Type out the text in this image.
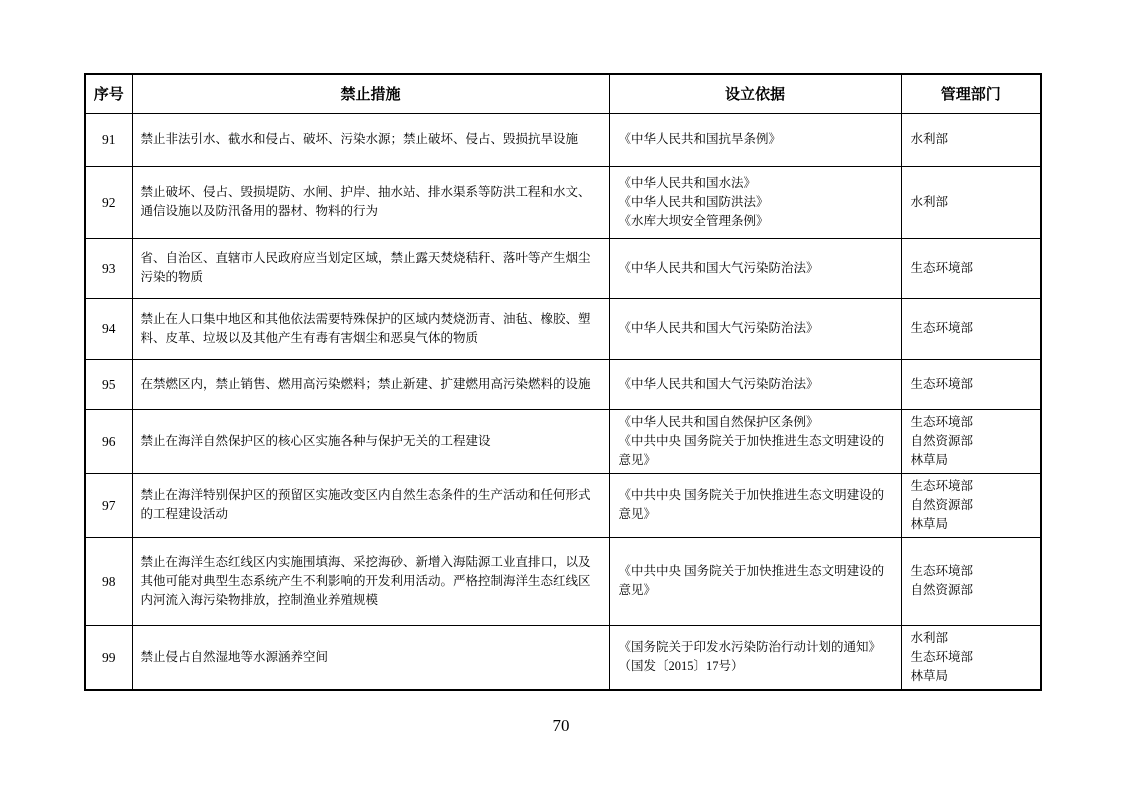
序号	禁止措施	设立依据	管理部门
91	禁止非法引水、截水和侵占、破坏、污染水源；禁止破坏、侵占、毁损抗旱设施	《中华人民共和国抗旱条例》	水利部

92	禁止破坏、侵占、毁损堤防、水闸、护岸、抽水站、排水渠系等防洪工程和水文、通信设施以及防汛备用的器材、物料的行为	《中华人民共和国水法》
《中华人民共和国防洪法》
《水库大坝安全管理条例》	水利部

93	省、自治区、直辖市人民政府应当划定区域，禁止露天焚烧秸秆、落叶等产生烟尘污染的物质	《中华人民共和国大气污染防治法》	生态环境部

94	禁止在人口集中地区和其他依法需要特殊保护的区域内焚烧沥青、油毡、橡胶、塑料、皮革、垃圾以及其他产生有毒有害烟尘和恶臭气体的物质	《中华人民共和国大气污染防治法》	生态环境部

95	在禁燃区内，禁止销售、燃用高污染燃料；禁止新建、扩建燃用高污染燃料的设施	《中华人民共和国大气污染防治法》	生态环境部

96	禁止在海洋自然保护区的核心区实施各种与保护无关的工程建设	《中华人民共和国自然保护区条例》
《中共中央 国务院关于加快推进生态文明建设的意见》	生态环境部
自然资源部
林草局

97	禁止在海洋特别保护区的预留区实施改变区内自然生态条件的生产活动和任何形式的工程建设活动	《中共中央 国务院关于加快推进生态文明建设的意见》	生态环境部
自然资源部
林草局

98	禁止在海洋生态红线区内实施围填海、采挖海砂、新增入海陆源工业直排口，以及其他可能对典型生态系统产生不利影响的开发利用活动。严格控制海洋生态红线区内河流入海污染物排放，控制渔业养殖规模	《中共中央 国务院关于加快推进生态文明建设的意见》	生态环境部
自然资源部

99	禁止侵占自然湿地等水源涵养空间	《国务院关于印发水污染防治行动计划的通知》（国发〔2015〕17号）	水利部
生态环境部
林草局
70
